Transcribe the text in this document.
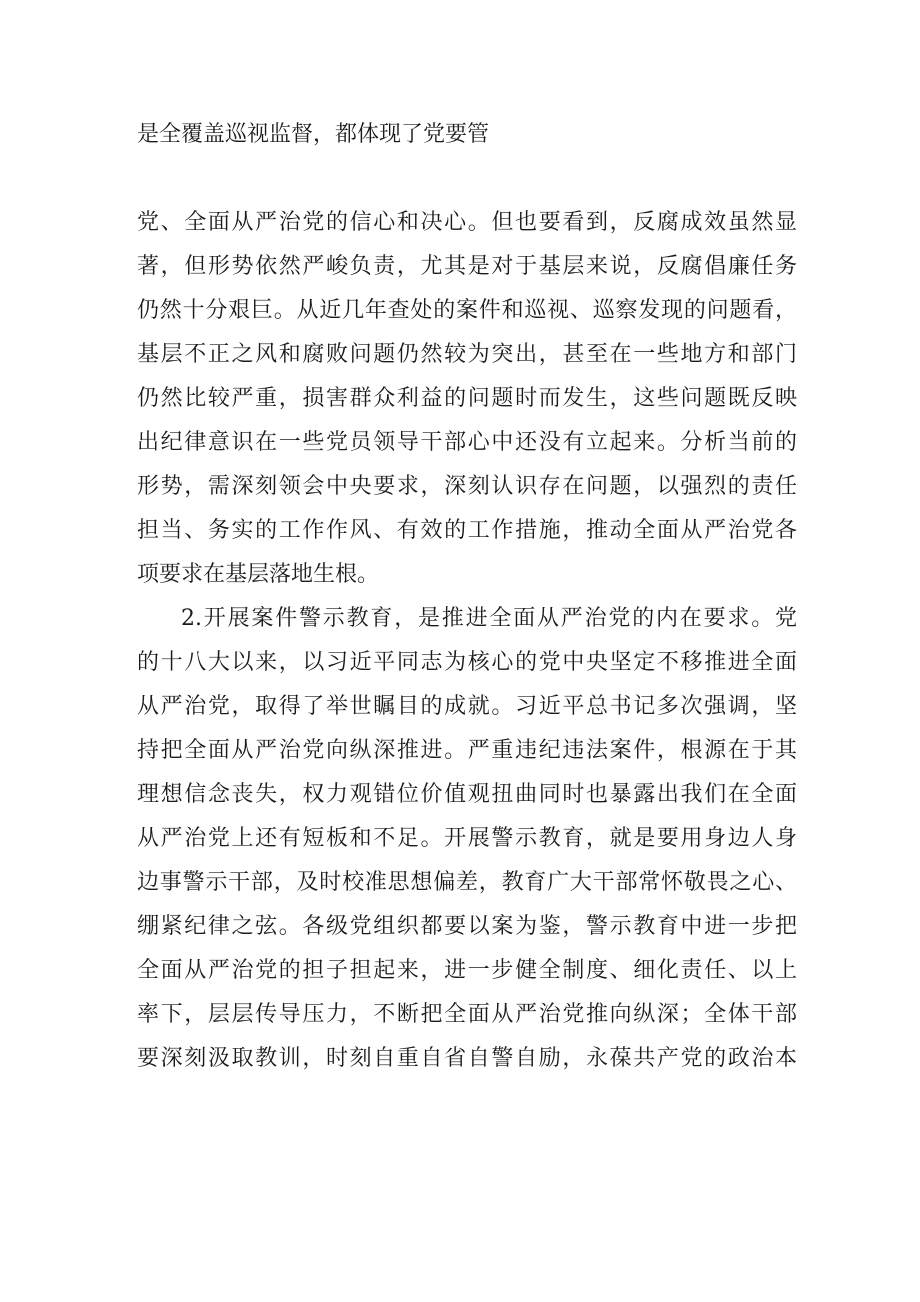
是全覆盖巡视监督，都体现了党要管

党、全面从严治党的信心和决心。但也要看到，反腐成效虽然显

著，但形势依然严峻负责，尤其是对于基层来说，反腐倡廉任务

仍然十分艰巨。从近几年查处的案件和巡视、巡察发现的问题看，

基层不正之风和腐败问题仍然较为突出，甚至在一些地方和部门

仍然比较严重，损害群众利益的问题时而发生，这些问题既反映

出纪律意识在一些党员领导干部心中还没有立起来。分析当前的

形势，需深刻领会中央要求，深刻认识存在问题，以强烈的责任

担当、务实的工作作风、有效的工作措施，推动全面从严治党各

项要求在基层落地生根。

2.开展案件警示教育，是推进全面从严治党的内在要求。党

的十八大以来，以习近平同志为核心的党中央坚定不移推进全面

从严治党，取得了举世瞩目的成就。习近平总书记多次强调，坚

持把全面从严治党向纵深推进。严重违纪违法案件，根源在于其

理想信念丧失，权力观错位价值观扭曲同时也暴露出我们在全面

从严治党上还有短板和不足。开展警示教育，就是要用身边人身

边事警示干部，及时校准思想偏差，教育广大干部常怀敬畏之心、

绷紧纪律之弦。各级党组织都要以案为鉴，警示教育中进一步把

全面从严治党的担子担起来，进一步健全制度、细化责任、以上

率下，层层传导压力，不断把全面从严治党推向纵深；全体干部

要深刻汲取教训，时刻自重自省自警自励，永葆共产党的政治本
